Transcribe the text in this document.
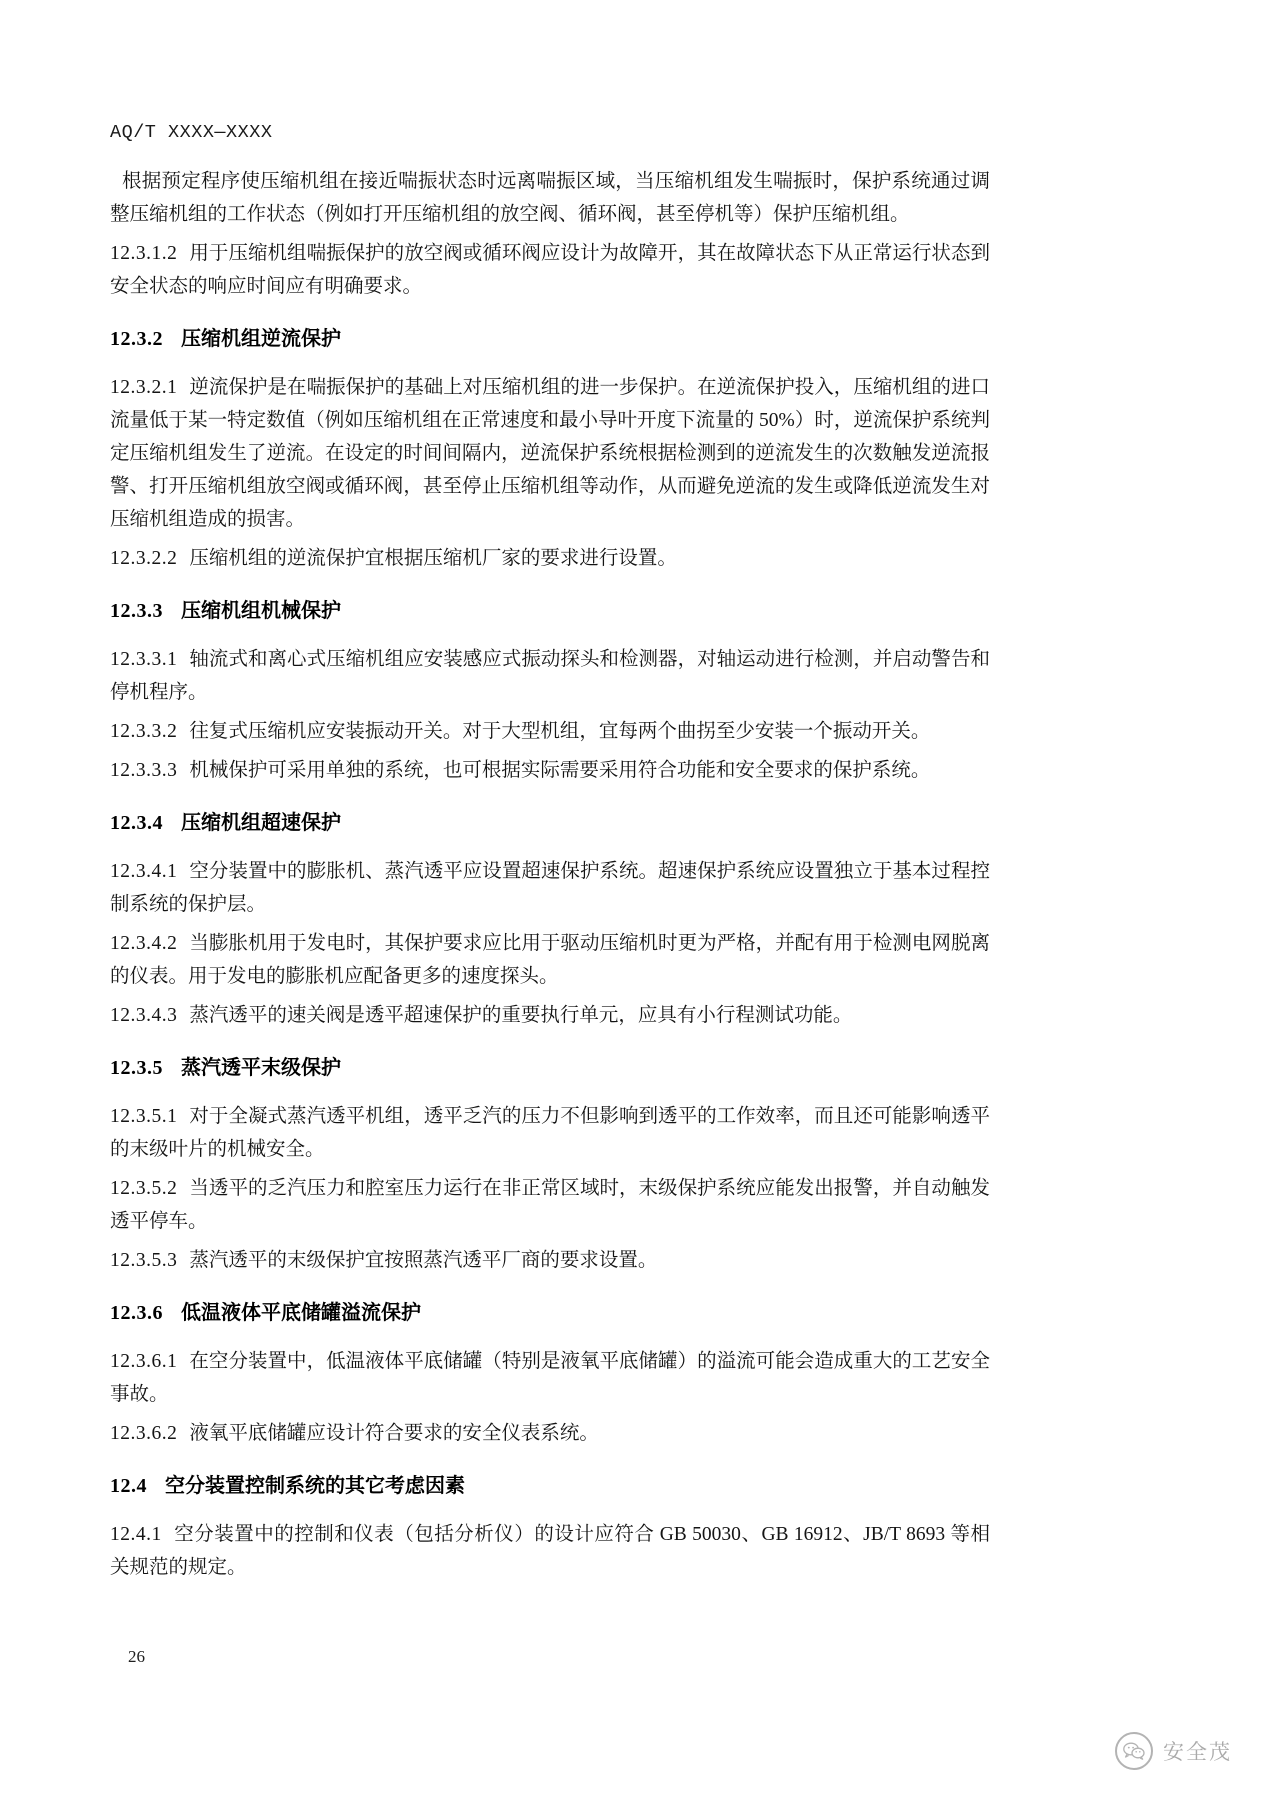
AQ/T XXXX—XXXX

根据预定程序使压缩机组在接近喘振状态时远离喘振区域，当压缩机组发生喘振时，保护系统通过调整压缩机组的工作状态（例如打开压缩机组的放空阀、循环阀，甚至停机等）保护压缩机组。

12.3.1.2 用于压缩机组喘振保护的放空阀或循环阀应设计为故障开，其在故障状态下从正常运行状态到安全状态的响应时间应有明确要求。

12.3.2 压缩机组逆流保护

12.3.2.1 逆流保护是在喘振保护的基础上对压缩机组的进一步保护。在逆流保护投入，压缩机组的进口流量低于某一特定数值（例如压缩机组在正常速度和最小导叶开度下流量的 50%）时，逆流保护系统判定压缩机组发生了逆流。在设定的时间间隔内，逆流保护系统根据检测到的逆流发生的次数触发逆流报警、打开压缩机组放空阀或循环阀，甚至停止压缩机组等动作，从而避免逆流的发生或降低逆流发生对压缩机组造成的损害。

12.3.2.2 压缩机组的逆流保护宜根据压缩机厂家的要求进行设置。

12.3.3 压缩机组机械保护

12.3.3.1 轴流式和离心式压缩机组应安装感应式振动探头和检测器，对轴运动进行检测，并启动警告和停机程序。

12.3.3.2 往复式压缩机应安装振动开关。对于大型机组，宜每两个曲拐至少安装一个振动开关。

12.3.3.3 机械保护可采用单独的系统，也可根据实际需要采用符合功能和安全要求的保护系统。

12.3.4 压缩机组超速保护

12.3.4.1 空分装置中的膨胀机、蒸汽透平应设置超速保护系统。超速保护系统应设置独立于基本过程控制系统的保护层。

12.3.4.2 当膨胀机用于发电时，其保护要求应比用于驱动压缩机时更为严格，并配有用于检测电网脱离的仪表。用于发电的膨胀机应配备更多的速度探头。

12.3.4.3 蒸汽透平的速关阀是透平超速保护的重要执行单元，应具有小行程测试功能。

12.3.5 蒸汽透平末级保护

12.3.5.1 对于全凝式蒸汽透平机组，透平乏汽的压力不但影响到透平的工作效率，而且还可能影响透平的末级叶片的机械安全。

12.3.5.2 当透平的乏汽压力和腔室压力运行在非正常区域时，末级保护系统应能发出报警，并自动触发透平停车。

12.3.5.3 蒸汽透平的末级保护宜按照蒸汽透平厂商的要求设置。

12.3.6 低温液体平底储罐溢流保护

12.3.6.1 在空分装置中，低温液体平底储罐（特别是液氧平底储罐）的溢流可能会造成重大的工艺安全事故。

12.3.6.2 液氧平底储罐应设计符合要求的安全仪表系统。

12.4 空分装置控制系统的其它考虑因素

12.4.1 空分装置中的控制和仪表（包括分析仪）的设计应符合 GB 50030、GB 16912、JB/T 8693 等相关规范的规定。

26
安全茂
